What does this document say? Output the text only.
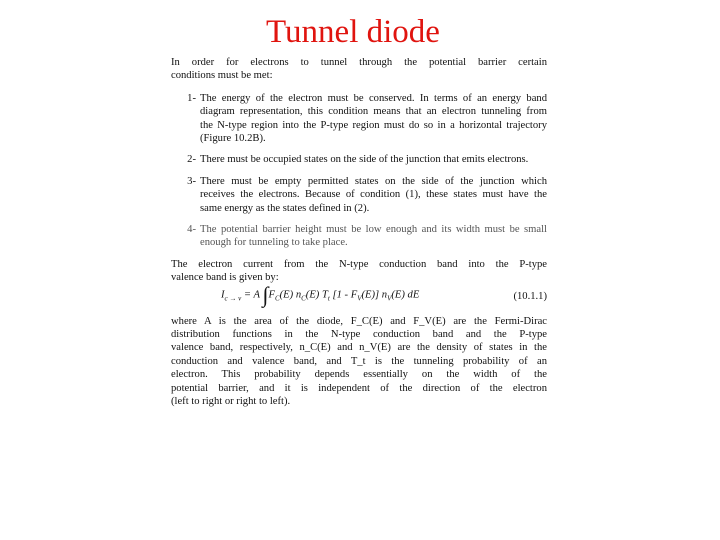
Tunnel diode
In order for electrons to tunnel through the potential barrier certain
conditions must be met:
1- The energy of the electron must be conserved. In terms of an energy band
diagram representation, this condition means that an electron tunneling from
the N-type region into the P-type region must do so in a horizontal trajectory
(Figure 10.2B).
2- There must be occupied states on the side of the junction that emits electrons.
3- There must be empty permitted states on the side of the junction which
receives the electrons. Because of condition (1), these states must have the
same energy as the states defined in (2).
4- The potential barrier height must be low enough and its width must be small
enough for tunneling to take place.
The electron current from the N-type conduction band into the P-type
valence band is given by:
$I_{c \to v} = A$ $\int F_C(E)$ $n_C(E)$ $T_t$ $[1 - F_V(E)]$ $n_V(E)$ dE	(10.1.1)
where A is the area of the diode, F_C(E) and F_V(E) are the Fermi-Dirac
distribution functions in the N-type conduction band and the P-type
valence band, respectively, n_C(E) and n_V(E) are the density of states in the
conduction and valence band, and T_t is the tunneling probability of an
electron. This probability depends essentially on the width of the
potential barrier, and it is independent of the direction of the electron
(left to right or right to left).
